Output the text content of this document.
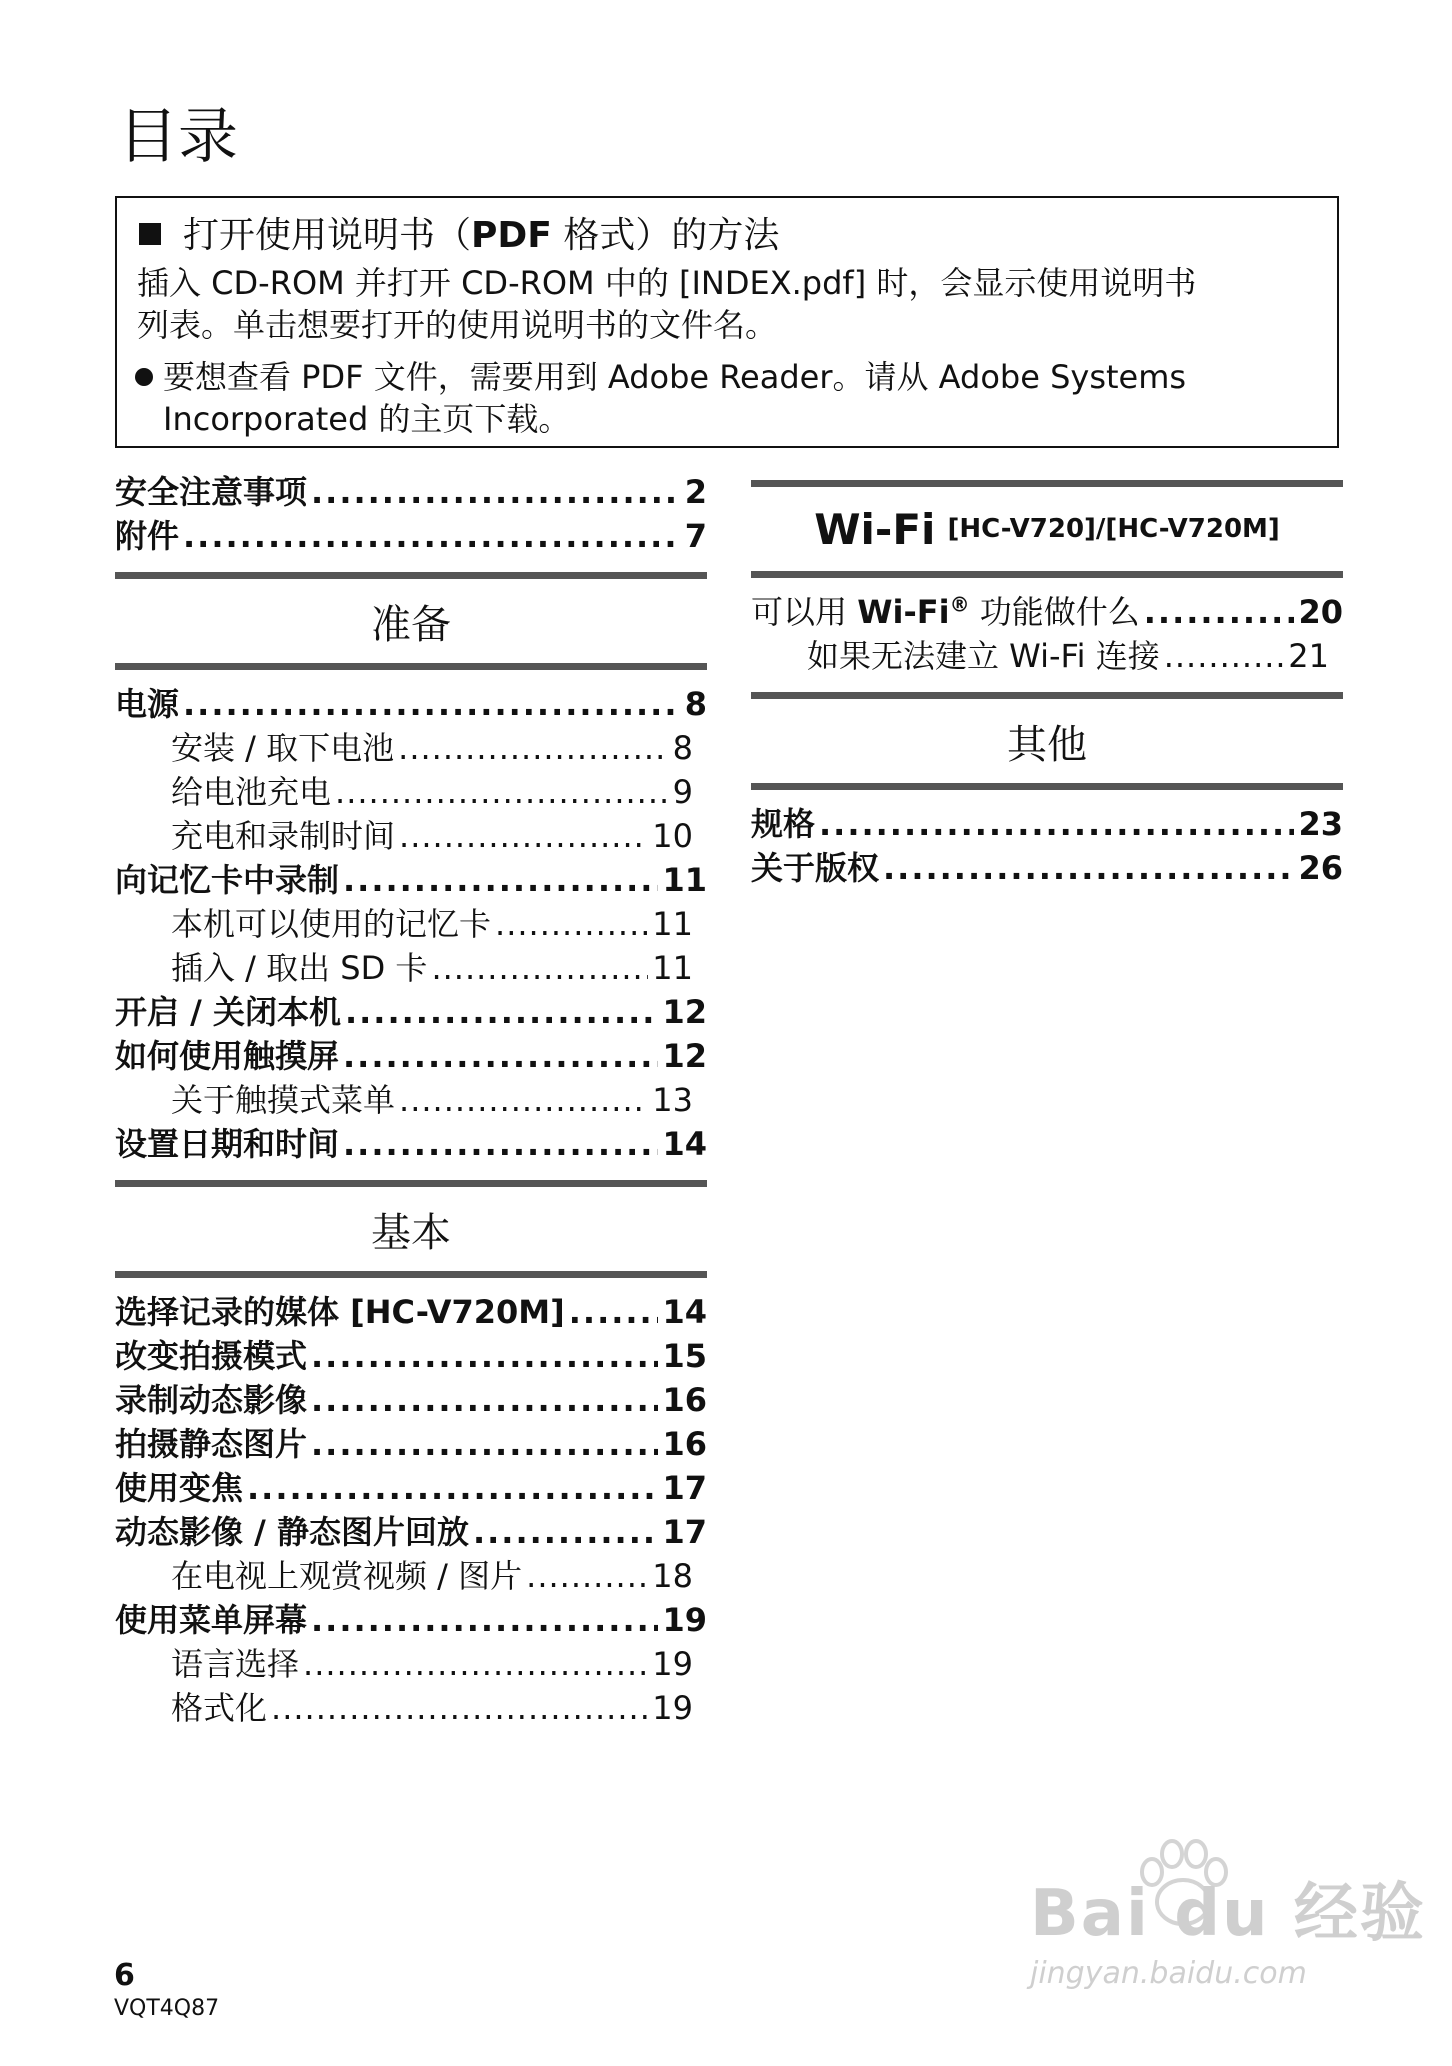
目录
打开使用说明书（PDF 格式）的方法
插入 CD-ROM 并打开 CD-ROM 中的 [INDEX.pdf] 时，会显示使用说明书
列表。单击想要打开的使用说明书的文件名。
要想查看 PDF 文件，需要用到 Adobe Reader。请从 Adobe Systems
Incorporated 的主页下载。
安全注意事项 .....	2
附件 .....	7
准备
电源 .....	8
安装 / 取下电池 .....	8
给电池充电 .....	9
充电和录制时间 .....	10
向记忆卡中录制 .....	11
本机可以使用的记忆卡 .....	11
插入 / 取出 SD 卡 .....	11
开启 / 关闭本机 .....	12
如何使用触摸屏 .....	12
关于触摸式菜单 .....	13
设置日期和时间 .....	14
基本
选择记录的媒体 [HC-V720M] .....	14
改变拍摄模式 .....	15
录制动态影像 .....	16
拍摄静态图片 .....	16
使用变焦 .....	17
动态影像 / 静态图片回放 .....	17
在电视上观赏视频 / 图片 .....	18
使用菜单屏幕 .....	19
语言选择 .....	19
格式化 .....	19
Wi-Fi [HC-V720]/[HC-V720M]
可以用 Wi-Fi® 功能做什么 .....	20
如果无法建立 Wi-Fi 连接 .....	21
其他
规格 .....	23
关于版权 .....	26
6
VQT4Q87
Bai du 经验
jingyan.baidu.com
